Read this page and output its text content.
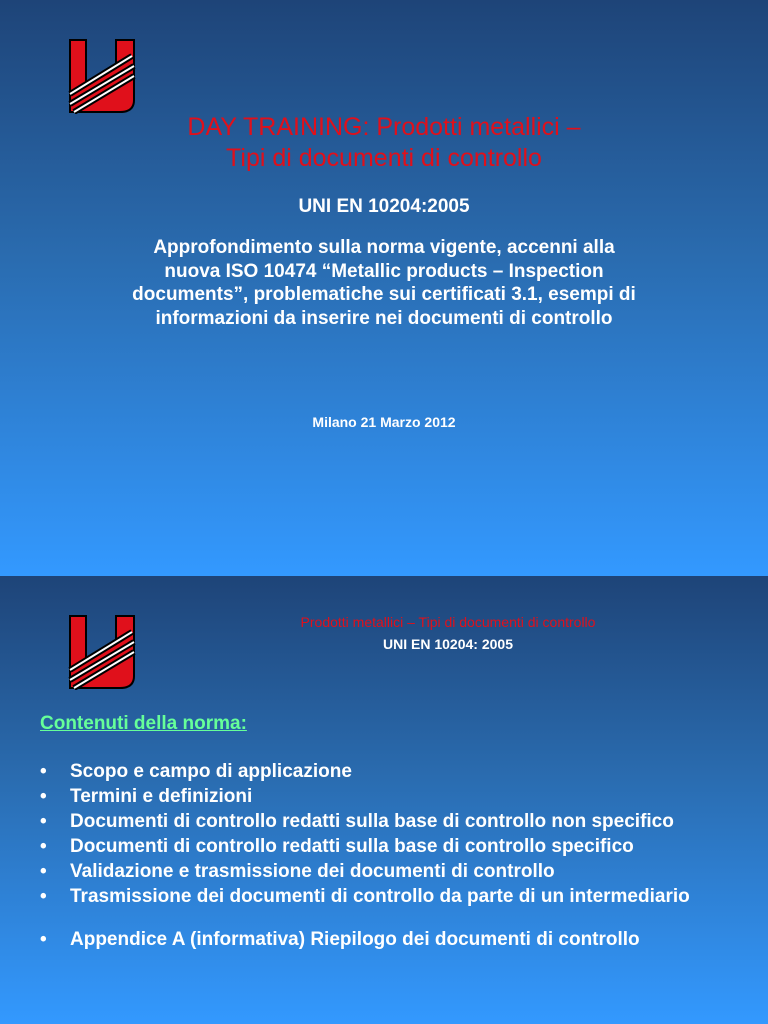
DAY TRAINING: Prodotti metallici –
Tipi di documenti di controllo
UNI EN 10204:2005
Approfondimento sulla norma vigente, accenni alla nuova ISO 10474 “Metallic products – Inspection documents”, problematiche sui certificati 3.1, esempi di informazioni da inserire nei documenti di controllo
Milano 21 Marzo 2012
Prodotti metallici – Tipi di documenti di controllo
UNI EN 10204: 2005
Contenuti della norma:
• Scopo e campo di applicazione
• Termini e definizioni
• Documenti di controllo redatti sulla base di controllo non specifico
• Documenti di controllo redatti sulla base di controllo specifico
• Validazione e trasmissione dei documenti di controllo
• Trasmissione dei documenti di controllo da parte di un intermediario
• Appendice A (informativa) Riepilogo dei documenti di controllo
